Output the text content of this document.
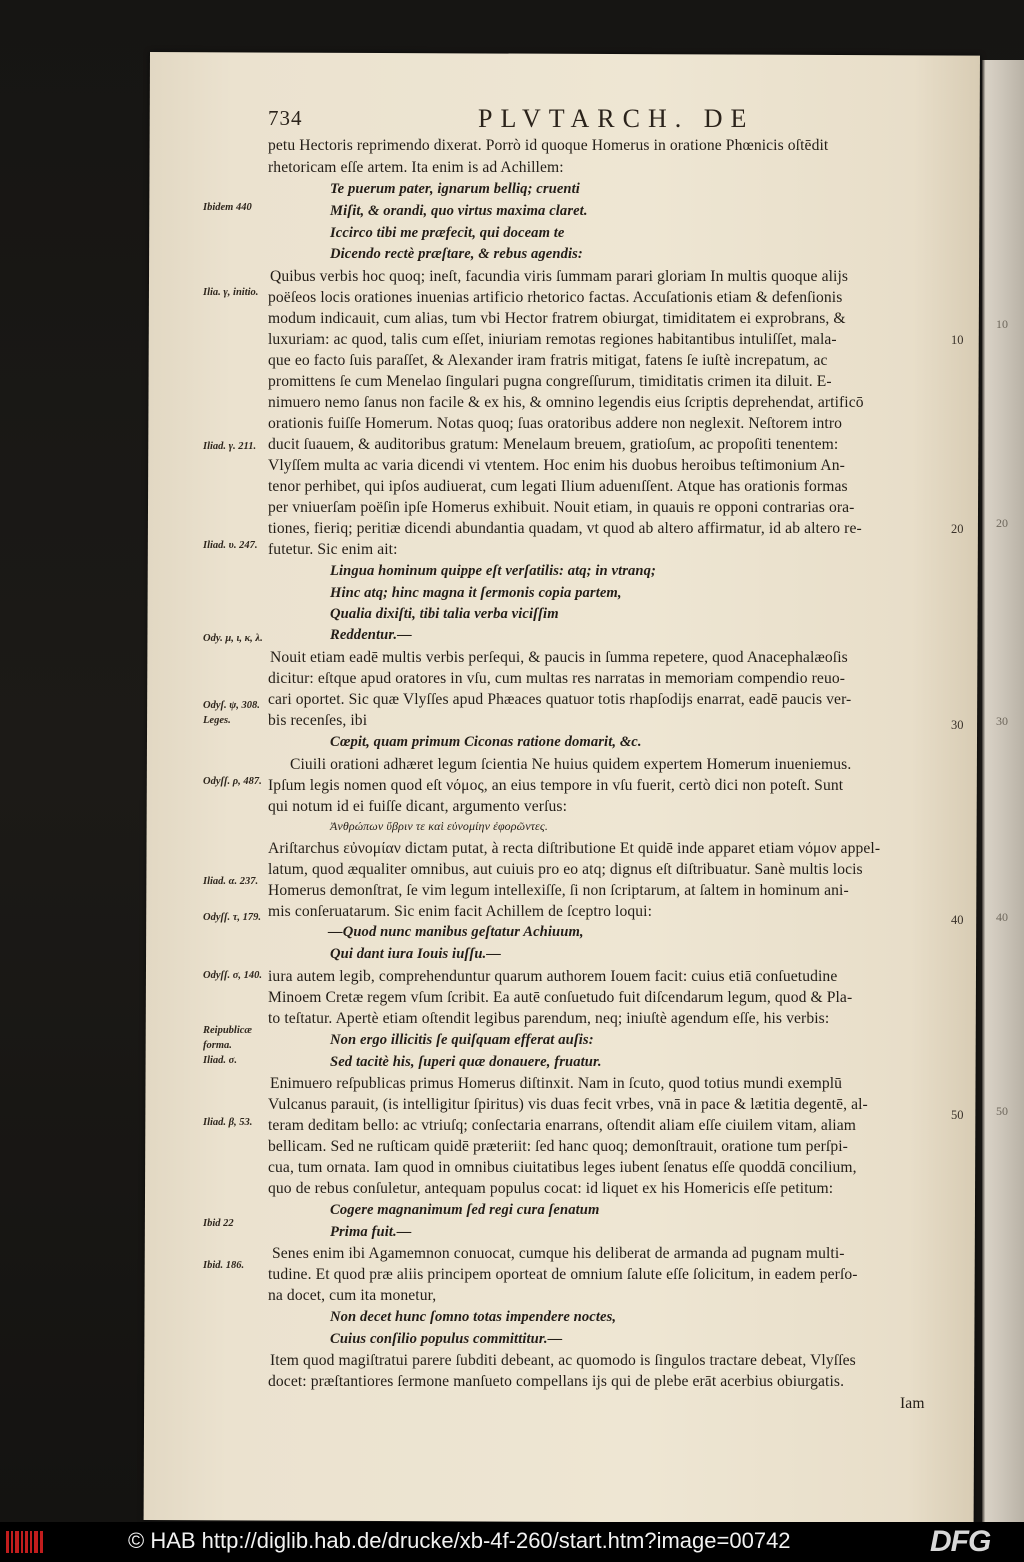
734	PLVTARCH. DE

petu Hectoris reprimendo dixerat. Porrò id quoque Homerus in oratione Phœnicis oſtēdit

rhetoricam eſſe artem. Ita enim is ad Achillem:

Te puerum pater, ignarum belliq; cruenti

Miſit, & orandi, quo virtus maxima claret.

Iccirco tibi me præfecit, qui doceam te

Dicendo rectè præſtare, & rebus agendis:

Quibus verbis hoc quoq; ineſt, facundia viris ſummam parari gloriam In multis quoque alijs

poëſeos locis orationes inuenias artificio rhetorico factas. Accuſationis etiam & defenſionis

modum indicauit, cum alias, tum vbi Hector fratrem obiurgat, timiditatem ei exprobrans, &

luxuriam: ac quod, talis cum eſſet, iniuriam remotas regiones habitantibus intuliſſet, mala-

que eo facto ſuis paraſſet, & Alexander iram fratris mitigat, fatens ſe iuſtè increpatum, ac

promittens ſe cum Menelao ſingulari pugna congreſſurum, timiditatis crimen ita diluit. E-

nimuero nemo ſanus non facile & ex his, & omnino legendis eius ſcriptis deprehendat, artificō

orationis fuiſſe Homerum. Notas quoq; ſuas oratoribus addere non neglexit. Neſtorem intro

ducit ſuauem, & auditoribus gratum: Menelaum breuem, gratioſum, ac propoſiti tenentem:

Vlyſſem multa ac varia dicendi vi vtentem. Hoc enim his duobus heroibus teſtimonium An-

tenor perhibet, qui ipſos audiuerat, cum legati Ilium aduenıſſent. Atque has orationis formas

per vniuerſam poëſin ipſe Homerus exhibuit. Nouit etiam, in quauis re opponi contrarias ora-

tiones, fieriq; peritiæ dicendi abundantia quadam, vt quod ab altero affirmatur, id ab altero re-

futetur. Sic enim ait:

Lingua hominum quippe eſt verſatilis: atq; in vtranq;

Hinc atq; hinc magna it ſermonis copia partem,

Qualia dixiſti, tibi talia verba viciſſim

Reddentur.—

Nouit etiam eadē multis verbis perſequi, & paucis in ſumma repetere, quod Anacephalæoſis

dicitur: eſtque apud oratores in vſu, cum multas res narratas in memoriam compendio reuo-

cari oportet. Sic quæ Vlyſſes apud Phæaces quatuor totis rhapſodijs enarrat, eadē paucis ver-

bis recenſes, ibi

Cœpit, quam primum Ciconas ratione domarit, &c.

Ciuili orationi adhæret legum ſcientia Ne huius quidem expertem Homerum inueniemus.

Ipſum legis nomen quod eſt νόμος, an eius tempore in vſu fuerit, certò dici non poteſt. Sunt

qui notum id ei fuiſſe dicant, argumento verſus:

Ἀνθρώπων ὕβριν τε καὶ εὐνομίην ἐφορῶντες.

Ariſtarchus εὐνομίαν dictam putat, à recta diſtributione Et quidē inde apparet etiam νόμον appel-

latum, quod æqualiter omnibus, aut cuiuis pro eo atq; dignus eſt diſtribuatur. Sanè multis locis

Homerus demonſtrat, ſe vim legum intellexiſſe, ſi non ſcriptarum, at ſaltem in hominum ani-

mis conſeruatarum. Sic enim facit Achillem de ſceptro loqui:

—Quod nunc manibus geſtatur Achiuum,

Qui dant iura Iouis iuſſu.—

iura autem legib, comprehenduntur quarum authorem Iouem facit: cuius etiā conſuetudine

Minoem Cretæ regem vſum ſcribit. Ea autē conſuetudo fuit diſcendarum legum, quod & Pla-

to teſtatur. Apertè etiam oſtendit legibus parendum, neq; iniuſtè agendum eſſe, his verbis:

Non ergo illicitis ſe quiſquam efferat auſis:

Sed tacitè his, ſuperi quæ donauere, fruatur.

Enimuero reſpublicas primus Homerus diſtinxit. Nam in ſcuto, quod totius mundi exemplū

Vulcanus parauit, (is intelligitur ſpiritus) vis duas fecit vrbes, vnā in pace & lætitia degentē, al-

teram deditam bello: ac vtriuſq; conſectaria enarrans, oſtendit aliam eſſe ciuilem vitam, aliam

bellicam. Sed ne ruſticam quidē præteriit: ſed hanc quoq; demonſtrauit, oratione tum perſpi-

cua, tum ornata. Iam quod in omnibus ciuitatibus leges iubent ſenatus eſſe quoddā concilium,

quo de rebus conſuletur, antequam populus cocat: id liquet ex his Homericis eſſe petitum:

Cogere magnanimum ſed regi cura ſenatum

Prima fuit.—

Senes enim ibi Agamemnon conuocat, cumque his deliberat de armanda ad pugnam multi-

tudine. Et quod præ aliis principem oporteat de omnium ſalute eſſe ſolicitum, in eadem perſo-

na docet, cum ita monetur,

Non decet hunc ſomno totas impendere noctes,

Cuius conſilio populus committitur.—

Item quod magiſtratui parere ſubditi debeant, ac quomodo is ſingulos tractare debeat, Vlyſſes

docet: præſtantiores ſermone manſueto compellans ijs qui de plebe erāt acerbius obiurgatis.

Iam

Ibidem 440
Ilia. γ, initio.
Iliad. γ. 211.
Iliad. υ. 247.
Ody. μ, ι, κ, λ.
Odyſ. ψ, 308.
Leges.
Odyſſ. ρ, 487.
Iliad. α. 237.
Odyſſ. τ, 179.
Odyſſ. σ, 140.
Reipublicæ
forma.
Iliad. σ.
Iliad. β, 53.
Ibid 22
Ibid. 186.
10
20
30
40
50
10
20
30
40
50
© HAB http://diglib.hab.de/drucke/xb-4f-260/start.htm?image=00742	DFG
